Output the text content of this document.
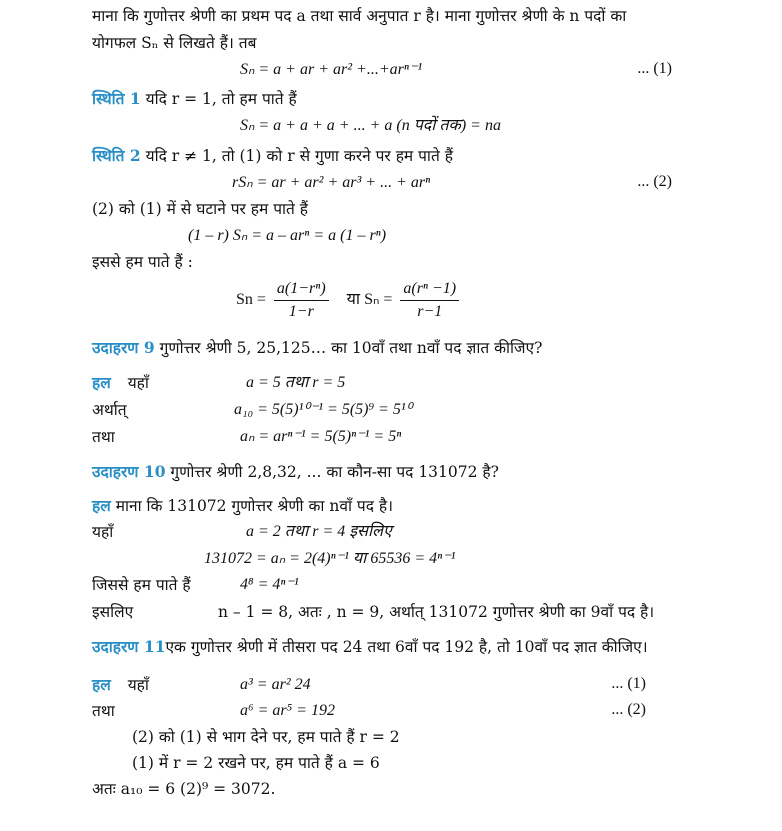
माना कि गुणोत्तर श्रेणी का प्रथम पद a तथा सार्व अनुपात r है। माना गुणोत्तर श्रेणी के n पदों का
योगफल Sₙ से लिखते हैं। तब
Sₙ = a + ar + ar² +...+arⁿ⁻¹	... (1)
स्थिति 1 यदि r = 1, तो हम पाते हैं
Sₙ = a + a + a + ... + a (n पदों तक) = na
स्थिति 2 यदि r ≠ 1, तो (1) को r से गुणा करने पर हम पाते हैं
rSₙ = ar + ar² + ar³ + ... + arⁿ	... (2)
(2) को (1) में से घटाने पर हम पाते हैं
(1 – r) Sₙ = a – arⁿ = a (1 – rⁿ)
इससे हम पाते हैं :
$Sn = \frac{\text{a(1−rⁿ)}}{1-r}$ या $S_n = \frac{\text{a(rⁿ −1)}}{r-1}$
उदाहरण 9 गुणोत्तर श्रेणी 5, 25,125… का 10वाँ तथा nवाँ पद ज्ञात कीजिए?
हल यहाँ	a = 5 तथा r = 5
अर्थात्	a₁₀ = 5(5)¹⁰⁻¹ = 5(5)⁹ = 5¹⁰
तथा	aₙ = arⁿ⁻¹ = 5(5)ⁿ⁻¹ = 5ⁿ
उदाहरण 10 गुणोत्तर श्रेणी 2,8,32, ... का कौन-सा पद 131072 है?
हल माना कि 131072 गुणोत्तर श्रेणी का nवाँ पद है।
यहाँ	a = 2 तथा r = 4 इसलिए
131072 = aₙ = 2(4)ⁿ⁻¹ या 65536 = 4ⁿ⁻¹
जिससे हम पाते हैं	4⁸ = 4ⁿ⁻¹
इसलिए	n – 1 = 8, अतः , n = 9, अर्थात् 131072 गुणोत्तर श्रेणी का 9वाँ पद है।
उदाहरण 11एक गुणोत्तर श्रेणी में तीसरा पद 24 तथा 6वाँ पद 192 है, तो 10वाँ पद ज्ञात कीजिए।
हल यहाँ	a³ = ar² 24	... (1)
तथा	a⁶ = ar⁵ = 192	... (2)
(2) को (1) से भाग देने पर, हम पाते हैं r = 2
(1) में r = 2 रखने पर, हम पाते हैं a = 6
अतः a₁₀ = 6 (2)⁹ = 3072.
